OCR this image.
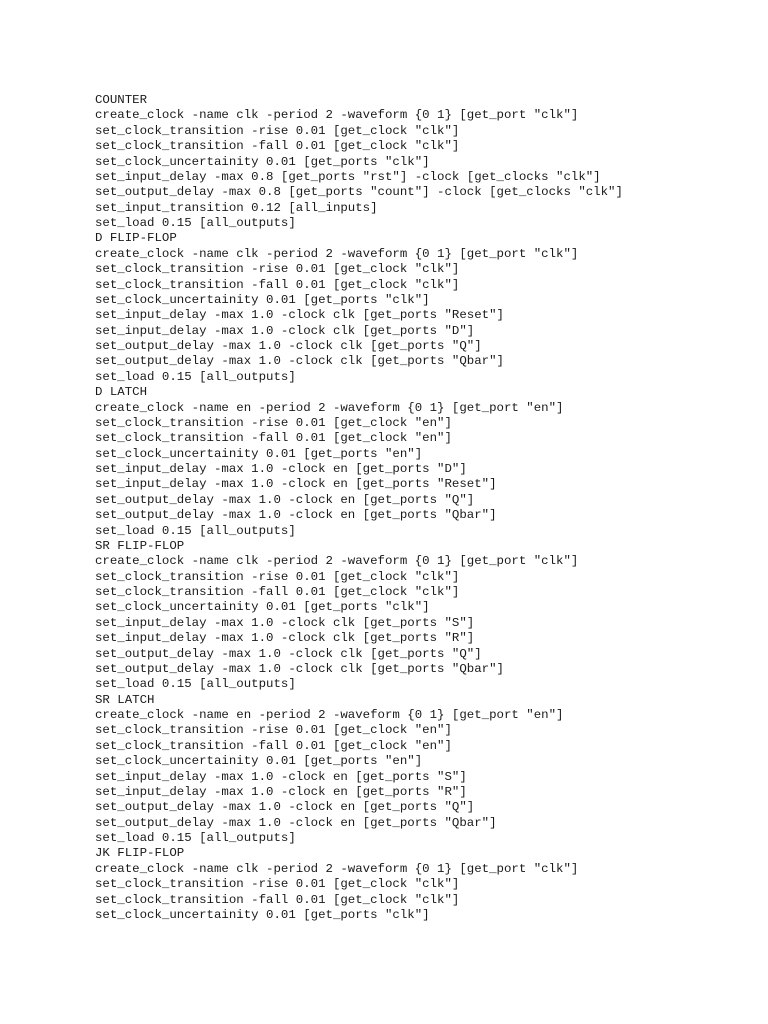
COUNTER
create_clock -name clk -period 2 -waveform {0 1} [get_port "clk"]
set_clock_transition -rise 0.01 [get_clock "clk"]
set_clock_transition -fall 0.01 [get_clock "clk"]
set_clock_uncertainity 0.01 [get_ports "clk"]
set_input_delay -max 0.8 [get_ports "rst"] -clock [get_clocks "clk"]
set_output_delay -max 0.8 [get_ports "count"] -clock [get_clocks "clk"]
set_input_transition 0.12 [all_inputs]
set_load 0.15 [all_outputs]
D FLIP-FLOP
create_clock -name clk -period 2 -waveform {0 1} [get_port "clk"]
set_clock_transition -rise 0.01 [get_clock "clk"]
set_clock_transition -fall 0.01 [get_clock "clk"]
set_clock_uncertainity 0.01 [get_ports "clk"]
set_input_delay -max 1.0 -clock clk [get_ports "Reset"]
set_input_delay -max 1.0 -clock clk [get_ports "D"]
set_output_delay -max 1.0 -clock clk [get_ports "Q"]
set_output_delay -max 1.0 -clock clk [get_ports "Qbar"]
set_load 0.15 [all_outputs]
D LATCH
create_clock -name en -period 2 -waveform {0 1} [get_port "en"]
set_clock_transition -rise 0.01 [get_clock "en"]
set_clock_transition -fall 0.01 [get_clock "en"]
set_clock_uncertainity 0.01 [get_ports "en"]
set_input_delay -max 1.0 -clock en [get_ports "D"]
set_input_delay -max 1.0 -clock en [get_ports "Reset"]
set_output_delay -max 1.0 -clock en [get_ports "Q"]
set_output_delay -max 1.0 -clock en [get_ports "Qbar"]
set_load 0.15 [all_outputs]
SR FLIP-FLOP
create_clock -name clk -period 2 -waveform {0 1} [get_port "clk"]
set_clock_transition -rise 0.01 [get_clock "clk"]
set_clock_transition -fall 0.01 [get_clock "clk"]
set_clock_uncertainity 0.01 [get_ports "clk"]
set_input_delay -max 1.0 -clock clk [get_ports "S"]
set_input_delay -max 1.0 -clock clk [get_ports "R"]
set_output_delay -max 1.0 -clock clk [get_ports "Q"]
set_output_delay -max 1.0 -clock clk [get_ports "Qbar"]
set_load 0.15 [all_outputs]
SR LATCH
create_clock -name en -period 2 -waveform {0 1} [get_port "en"]
set_clock_transition -rise 0.01 [get_clock "en"]
set_clock_transition -fall 0.01 [get_clock "en"]
set_clock_uncertainity 0.01 [get_ports "en"]
set_input_delay -max 1.0 -clock en [get_ports "S"]
set_input_delay -max 1.0 -clock en [get_ports "R"]
set_output_delay -max 1.0 -clock en [get_ports "Q"]
set_output_delay -max 1.0 -clock en [get_ports "Qbar"]
set_load 0.15 [all_outputs]
JK FLIP-FLOP
create_clock -name clk -period 2 -waveform {0 1} [get_port "clk"]
set_clock_transition -rise 0.01 [get_clock "clk"]
set_clock_transition -fall 0.01 [get_clock "clk"]
set_clock_uncertainity 0.01 [get_ports "clk"]
